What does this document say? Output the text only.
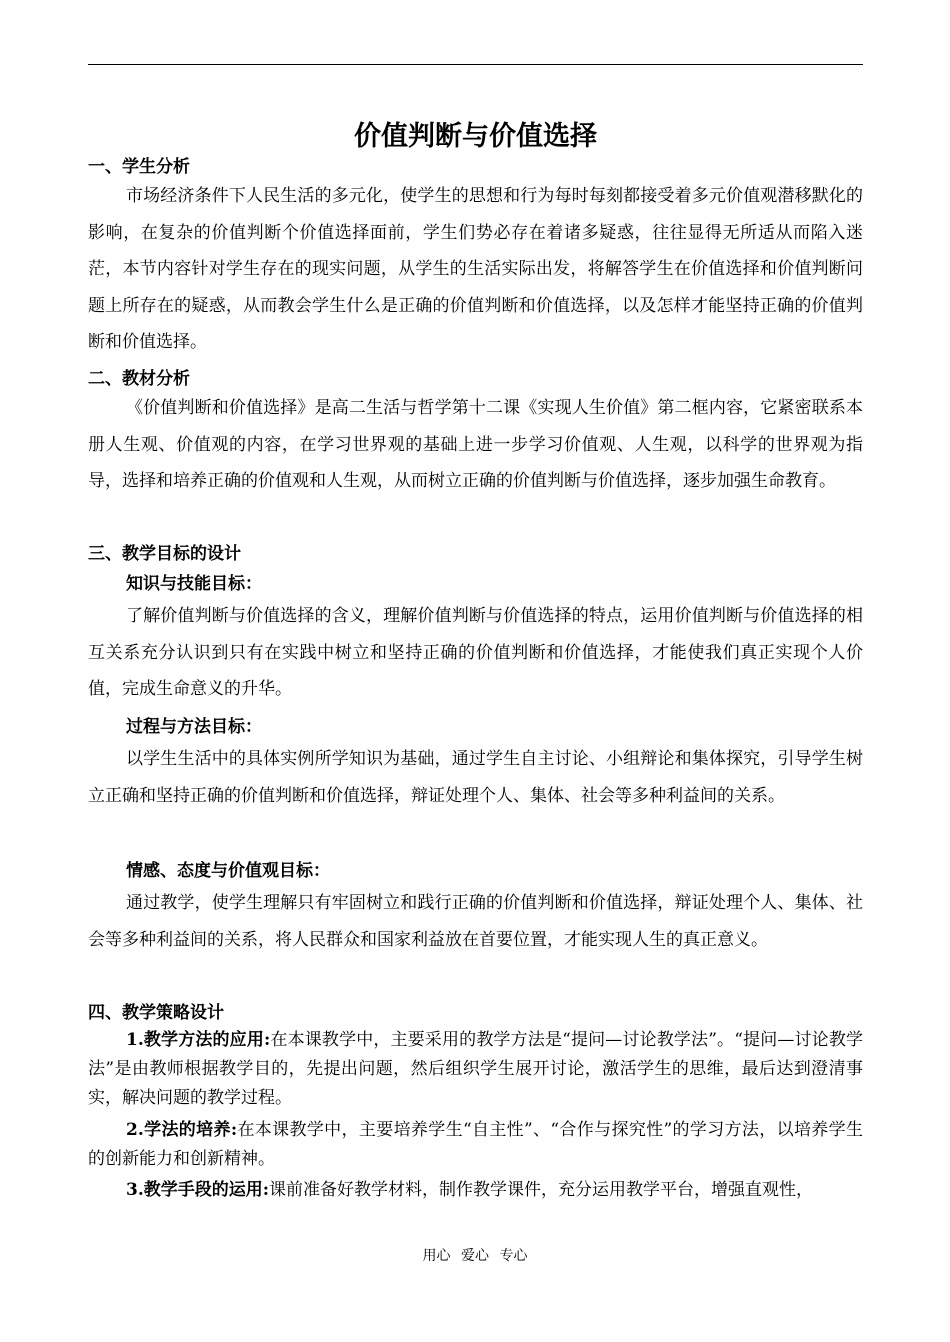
价值判断与价值选择
一、学生分析
市场经济条件下人民生活的多元化，使学生的思想和行为每时每刻都接受着多元价值观潜移默化的影响，在复杂的价值判断个价值选择面前，学生们势必存在着诸多疑惑，往往显得无所适从而陷入迷茫，本节内容针对学生存在的现实问题，从学生的生活实际出发，将解答学生在价值选择和价值判断问题上所存在的疑惑，从而教会学生什么是正确的价值判断和价值选择，以及怎样才能坚持正确的价值判断和价值选择。
二、教材分析
《价值判断和价值选择》是高二生活与哲学第十二课《实现人生价值》第二框内容，它紧密联系本册人生观、价值观的内容，在学习世界观的基础上进一步学习价值观、人生观，以科学的世界观为指导，选择和培养正确的价值观和人生观，从而树立正确的价值判断与价值选择，逐步加强生命教育。
三、教学目标的设计
知识与技能目标：
了解价值判断与价值选择的含义，理解价值判断与价值选择的特点，运用价值判断与价值选择的相互关系充分认识到只有在实践中树立和坚持正确的价值判断和价值选择，才能使我们真正实现个人价值，完成生命意义的升华。
过程与方法目标：
以学生生活中的具体实例所学知识为基础，通过学生自主讨论、小组辩论和集体探究，引导学生树立正确和坚持正确的价值判断和价值选择，辩证处理个人、集体、社会等多种利益间的关系。
情感、态度与价值观目标：
通过教学，使学生理解只有牢固树立和践行正确的价值判断和价值选择，辩证处理个人、集体、社会等多种利益间的关系，将人民群众和国家利益放在首要位置，才能实现人生的真正意义。
四、教学策略设计
1.教学方法的应用:在本课教学中，主要采用的教学方法是“提问—讨论教学法”。“提问—讨论教学法”是由教师根据教学目的，先提出问题，然后组织学生展开讨论，激活学生的思维，最后达到澄清事实，解决问题的教学过程。
2.学法的培养:在本课教学中，主要培养学生“自主性”、“合作与探究性”的学习方法，以培养学生的创新能力和创新精神。
3.教学手段的运用:课前准备好教学材料，制作教学课件，充分运用教学平台，增强直观性，
用心 爱心 专心
